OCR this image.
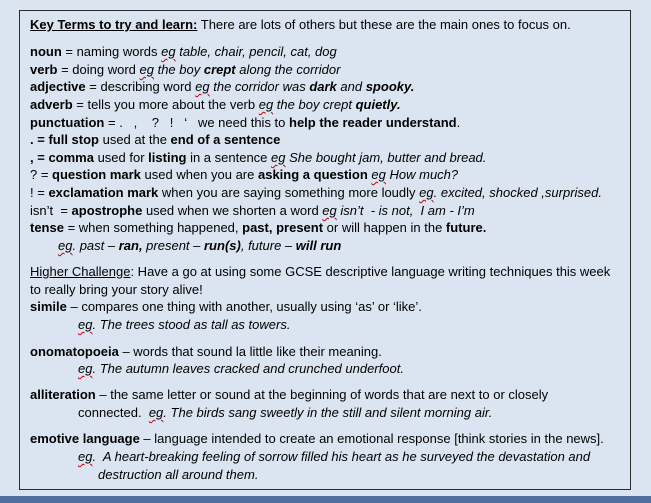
Key Terms to try and learn: There are lots of others but these are the main ones to focus on.
noun = naming words eg table, chair, pencil, cat, dog
verb = doing word eg the boy crept along the corridor
adjective = describing word eg the corridor was dark and spooky.
adverb = tells you more about the verb eg the boy crept quietly.
punctuation = .   ,    ?   !   ‘   we need this to help the reader understand.
. = full stop used at the end of a sentence
, = comma used for listing in a sentence eg She bought jam, butter and bread.
? = question mark used when you are asking a question eg How much?
! = exclamation mark when you are saying something more loudly eg. excited, shocked ,surprised.
isn’t  = apostrophe used when we shorten a word eg isn’t  - is not,  I am - I’m
tense = when something happened, past, present or will happen in the future.
eg. past – ran, present – run(s), future – will run
Higher Challenge: Have a go at using some GCSE descriptive language writing techniques this week
to really bring your story alive!
simile – compares one thing with another, usually using ‘as’ or ‘like’.
eg. The trees stood as tall as towers.
onomatopoeia – words that sound la little like their meaning.
eg. The autumn leaves cracked and crunched underfoot.
alliteration – the same letter or sound at the beginning of words that are next to or closely
connected.  eg. The birds sang sweetly in the still and silent morning air.
emotive language – language intended to create an emotional response [think stories in the news].
eg.  A heart-breaking feeling of sorrow filled his heart as he surveyed the devastation and
destruction all around them.
